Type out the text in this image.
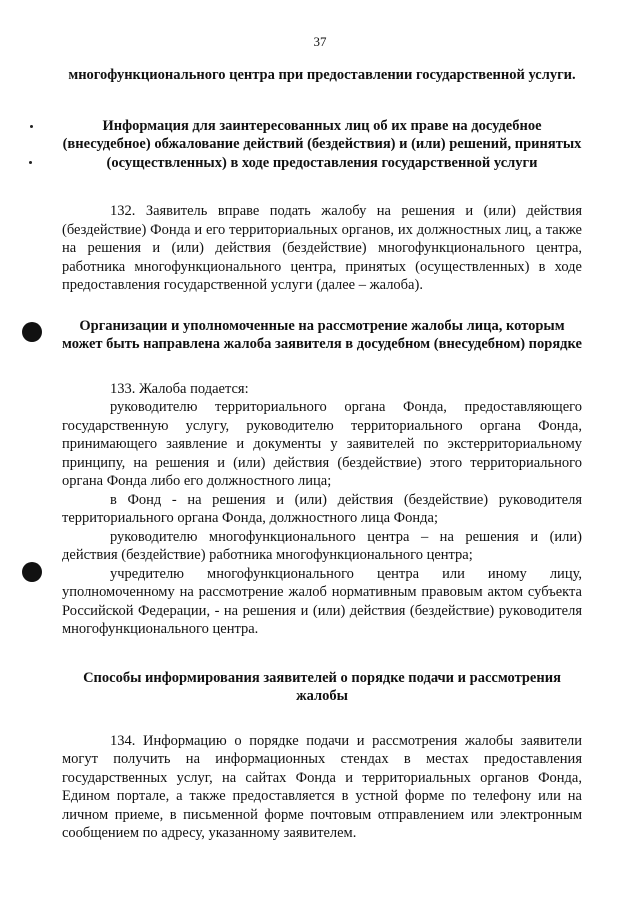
37

многофункционального центра при предоставлении государственной услуги.

Информация для заинтересованных лиц об их праве на досудебное (внесудебное) обжалование действий (бездействия) и (или) решений, принятых (осуществленных) в ходе предоставления государственной услуги

132. Заявитель вправе подать жалобу на решения и (или) действия (бездействие) Фонда и его территориальных органов, их должностных лиц, а также на решения и (или) действия (бездействие) многофункционального центра, работника многофункционального центра, принятых (осуществленных) в ходе предоставления государственной услуги (далее – жалоба).

Организации и уполномоченные на рассмотрение жалобы лица, которым может быть направлена жалоба заявителя в досудебном (внесудебном) порядке

133. Жалоба подается:

руководителю территориального органа Фонда, предоставляющего государственную услугу, руководителю территориального органа Фонда, принимающего заявление и документы у заявителей по экстерриториальному принципу, на решения и (или) действия (бездействие) этого территориального органа Фонда либо его должностного лица;

в Фонд - на решения и (или) действия (бездействие) руководителя территориального органа Фонда, должностного лица Фонда;

руководителю многофункционального центра – на решения и (или) действия (бездействие) работника многофункционального центра;

учредителю многофункционального центра или иному лицу, уполномоченному на рассмотрение жалоб нормативным правовым актом субъекта Российской Федерации, - на решения и (или) действия (бездействие) руководителя многофункционального центра.

Способы информирования заявителей о порядке подачи и рассмотрения жалобы

134. Информацию о порядке подачи и рассмотрения жалобы заявители могут получить на информационных стендах в местах предоставления государственных услуг, на сайтах Фонда и территориальных органов Фонда, Едином портале, а также предоставляется в устной форме по телефону или на личном приеме, в письменной форме почтовым отправлением или электронным сообщением по адресу, указанному заявителем.
